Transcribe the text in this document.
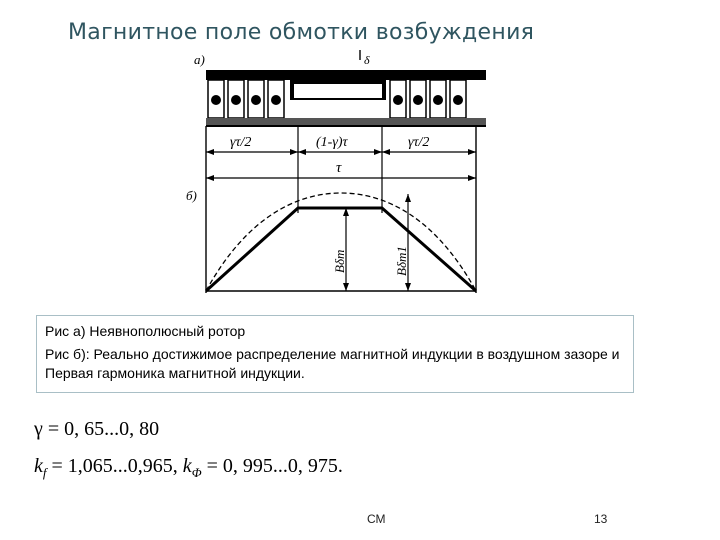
Магнитное поле обмотки возбуждения
а)	δ
γτ/2	(1-γ)τ	γτ/2
τ
б)
Bδm	Bδm1

Рис а) Неявнополюсный ротор

Рис б): Реально достижимое распределение магнитной индукции в воздушном зазоре и Первая гармоника магнитной индукции.

γ = 0, 65...0, 80
$k_f = 1,065...0,965$, $k_\Phi = 0$, 995...0, 975.
СМ	13
